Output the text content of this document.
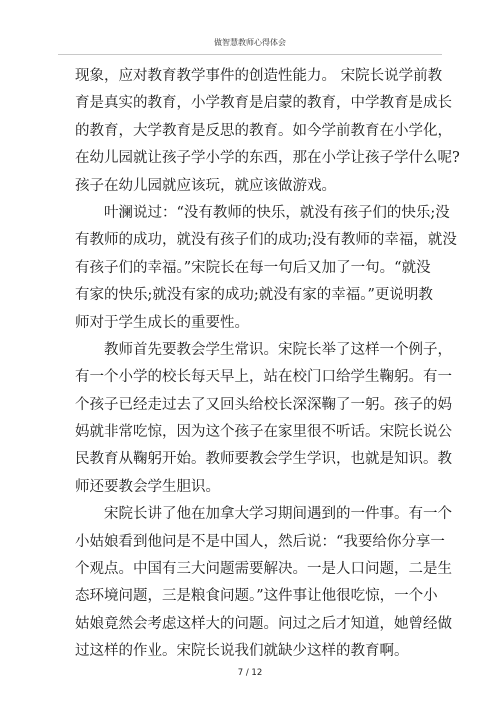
做智慧教师心得体会
现象，应对教育教学事件的创造性能力。 宋院长说学前教
育是真实的教育，小学教育是启蒙的教育，中学教育是成长
的教育，大学教育是反思的教育。如今学前教育在小学化，
在幼儿园就让孩子学小学的东西，那在小学让孩子学什么呢?
孩子在幼儿园就应该玩，就应该做游戏。
叶澜说过：“没有教师的快乐，就没有孩子们的快乐;没
有教师的成功，就没有孩子们的成功;没有教师的幸福，就没
有孩子们的幸福。”宋院长在每一句后又加了一句。“就没
有家的快乐;就没有家的成功;就没有家的幸福。”更说明教
师对于学生成长的重要性。
教师首先要教会学生常识。宋院长举了这样一个例子，
有一个小学的校长每天早上，站在校门口给学生鞠躬。有一
个孩子已经走过去了又回头给校长深深鞠了一躬。孩子的妈
妈就非常吃惊，因为这个孩子在家里很不听话。宋院长说公
民教育从鞠躬开始。教师要教会学生学识，也就是知识。教
师还要教会学生胆识。
宋院长讲了他在加拿大学习期间遇到的一件事。有一个
小姑娘看到他问是不是中国人，然后说：“我要给你分享一
个观点。中国有三大问题需要解决。一是人口问题，二是生
态环境问题，三是粮食问题。”这件事让他很吃惊，一个小
姑娘竟然会考虑这样大的问题。问过之后才知道，她曾经做
过这样的作业。宋院长说我们就缺少这样的教育啊。
7 / 12
